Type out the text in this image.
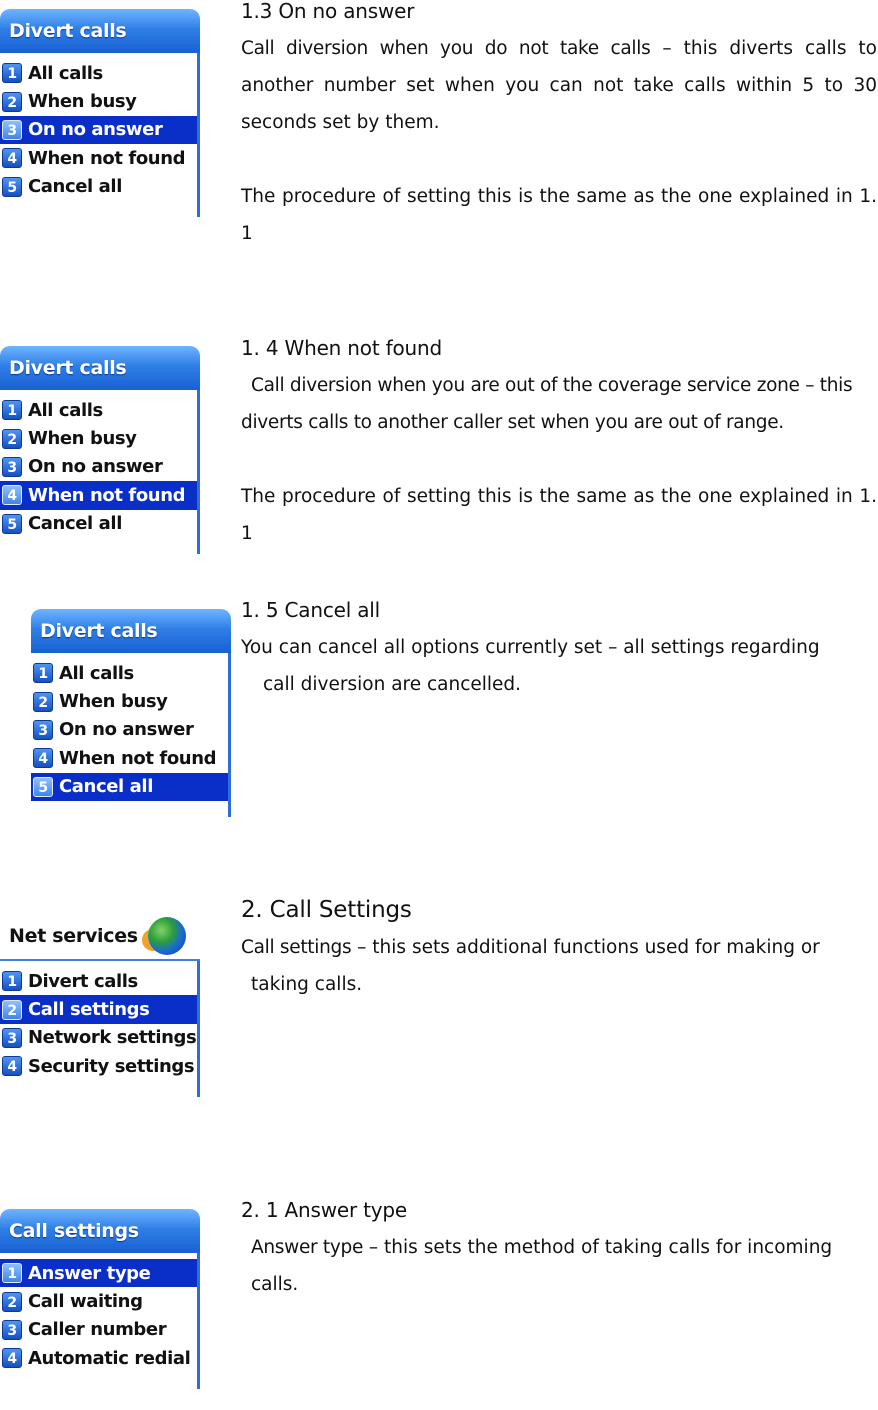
Divert calls
1 All calls
2 When busy
3 On no answer
4 When not found
5 Cancel all
1.3 On no answer
Call diversion when you do not take calls – this diverts calls to another number set when you can not take calls within 5 to 30 seconds set by them.
The procedure of setting this is the same as the one explained in 1. 1
Divert calls
1 All calls
2 When busy
3 On no answer
4 When not found
5 Cancel all
1. 4 When not found
Call diversion when you are out of the coverage service zone – this diverts calls to another caller set when you are out of range.
The procedure of setting this is the same as the one explained in 1. 1
Divert calls
1 All calls
2 When busy
3 On no answer
4 When not found
5 Cancel all
1. 5 Cancel all
You can cancel all options currently set – all settings regarding
call diversion are cancelled.
Net services
1 Divert calls
2 Call settings
3 Network settings
4 Security settings
2. Call Settings
Call settings – this sets additional functions used for making or
taking calls.
Call settings
1 Answer type
2 Call waiting
3 Caller number
4 Automatic redial
2. 1 Answer type
Answer type – this sets the method of taking calls for incoming
calls.
